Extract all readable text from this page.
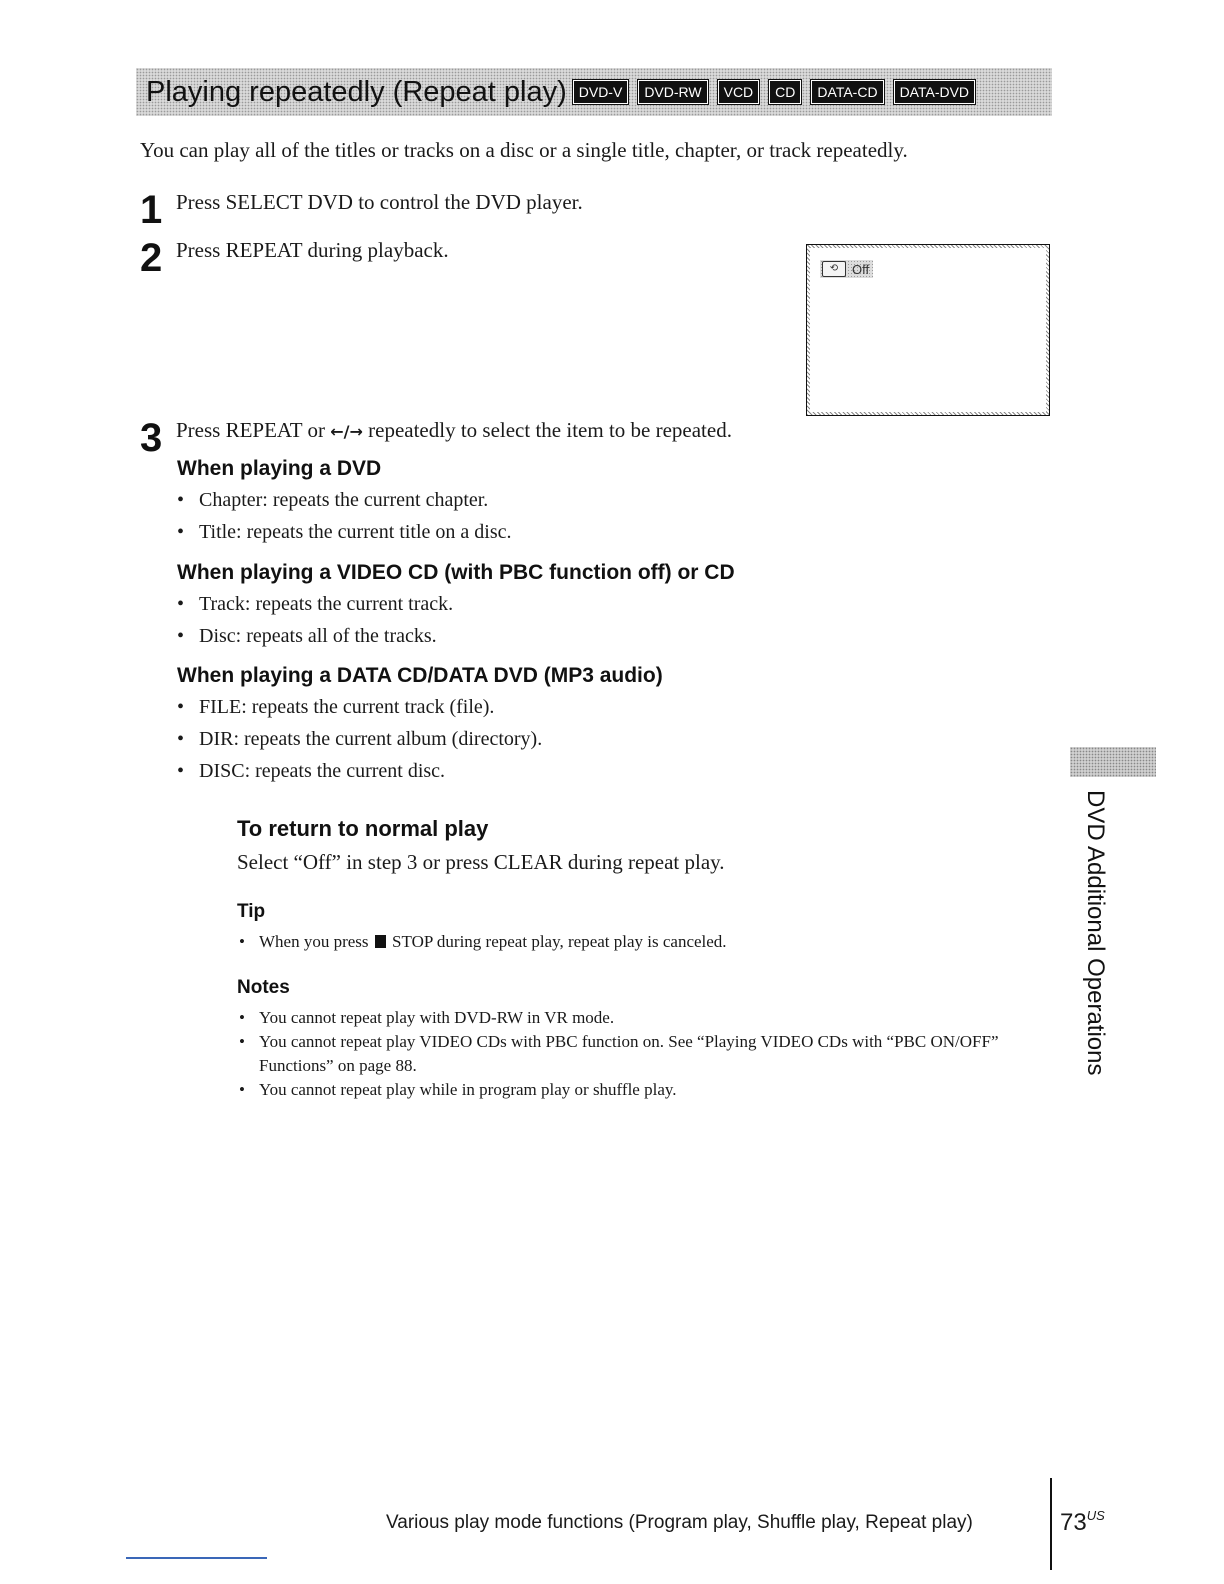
Playing repeatedly (Repeat play) DVD-V	DVD-RW	VCD	CD	DATA-CD	DATA-DVD
You can play all of the titles or tracks on a disc or a single title, chapter, or track repeatedly.
1 Press SELECT DVD to control the DVD player.
2 Press REPEAT during playback.
⟲	Off
3 Press REPEAT or ←/→ repeatedly to select the item to be repeated.
When playing a DVD
• Chapter: repeats the current chapter.
• Title: repeats the current title on a disc.
When playing a VIDEO CD (with PBC function off) or CD
• Track: repeats the current track.
• Disc: repeats all of the tracks.
When playing a DATA CD/DATA DVD (MP3 audio)
• FILE: repeats the current track (file).
• DIR: repeats the current album (directory).
• DISC: repeats the current disc.
To return to normal play
Select “Off” in step 3 or press CLEAR during repeat play.
Tip
• When you press STOP during repeat play, repeat play is canceled.
Notes
• You cannot repeat play with DVD-RW in VR mode.
• You cannot repeat play VIDEO CDs with PBC function on. See “Playing VIDEO CDs with “PBC ON/OFF” Functions” on page 88.
• You cannot repeat play while in program play or shuffle play.
DVD Additional Operations
Various play mode functions (Program play, Shuffle play, Repeat play)	$73^{US}$
